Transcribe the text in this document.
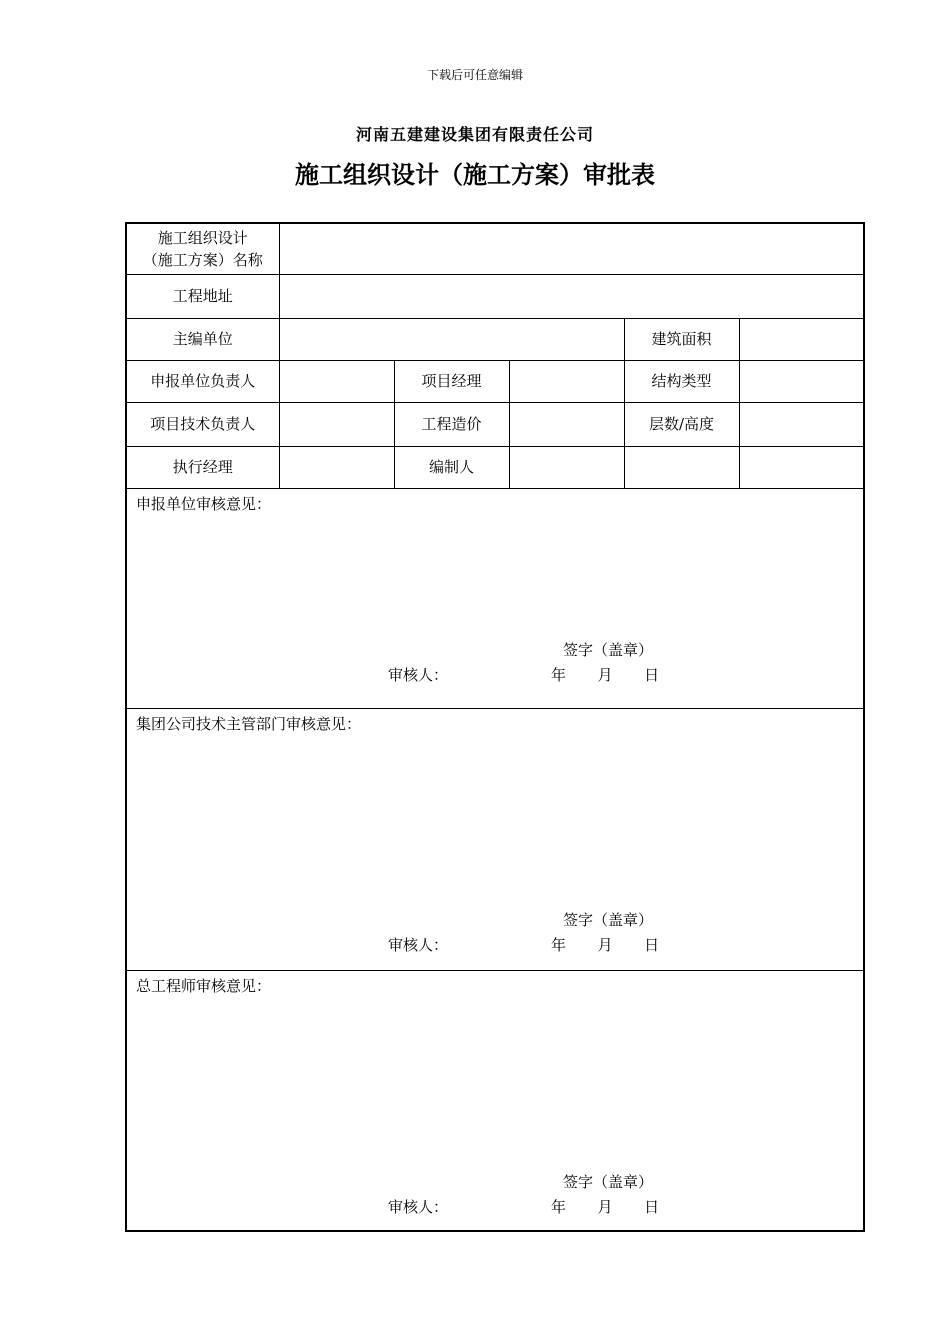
下载后可任意编辑
河南五建建设集团有限责任公司
施工组织设计（施工方案）审批表
施工组织设计
（施工方案）名称					

工程地址					
主编单位				建筑面积	
申报单位负责人		项目经理		结构类型	
项目技术负责人		工程造价		层数/高度	
执行经理		编制人			

申报单位审核意见：
签字（盖章）
审核人： 年 月 日					

集团公司技术主管部门审核意见：
签字（盖章）
审核人： 年 月 日					

总工程师审核意见：
签字（盖章）
审核人： 年 月 日					
